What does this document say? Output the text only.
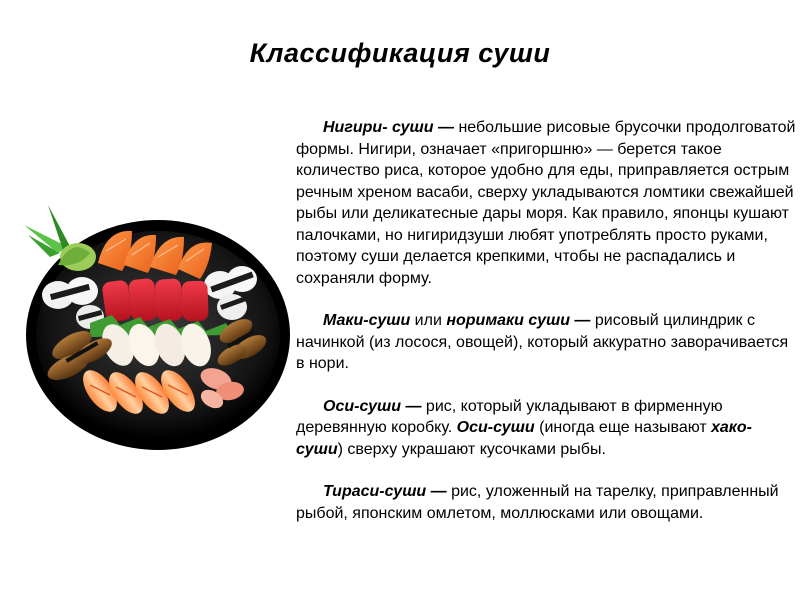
Классификация суши

Нигири- суши — небольшие рисовые брусочки продолговатой формы. Нигири, означает «пригоршню» — берется такое количество риса, которое удобно для еды, приправляется острым речным хреном васаби, сверху укладываются ломтики свежайшей рыбы или деликатесные дары моря. Как правило, японцы кушают палочками, но нигиридзуши любят употреблять просто руками, поэтому суши делается крепкими, чтобы не распадались и сохраняли форму.

Маки-суши или норимаки суши — рисовый цилиндрик с начинкой (из лосося, овощей), который аккуратно заворачивается в нори.

Оси-суши — рис, который укладывают в фирменную деревянную коробку. Оси-суши (иногда еще называют хако-суши) сверху украшают кусочками рыбы.

Тираси-суши — рис, уложенный на тарелку, приправленный рыбой, японским омлетом, моллюсками или овощами.
